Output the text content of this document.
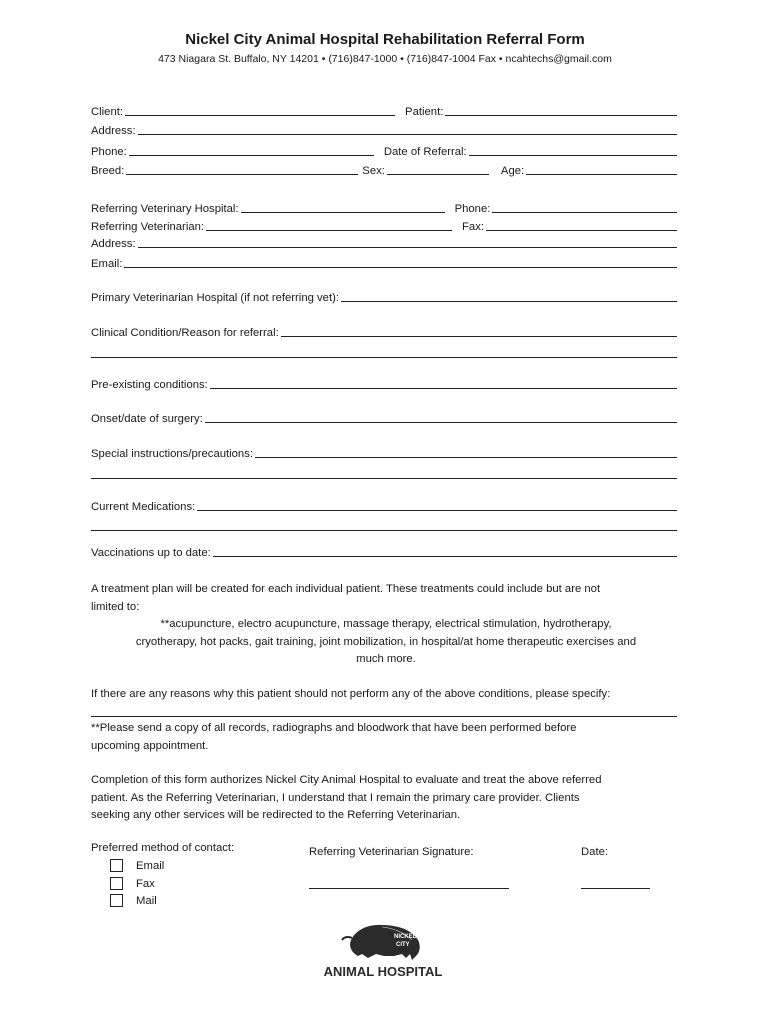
Nickel City Animal Hospital Rehabilitation Referral Form
473 Niagara St. Buffalo, NY 14201 • (716)847-1000 • (716)847-1004 Fax • ncahtechs@gmail.com
Client:	Patient:
Address:
Phone:	Date of Referral:
Breed:	Sex:	Age:
Referring Veterinary Hospital:	Phone:
Referring Veterinarian:	Fax:
Address:
Email:
Primary Veterinarian Hospital (if not referring vet):
Clinical Condition/Reason for referral:
Pre-existing conditions:
Onset/date of surgery:
Special instructions/precautions:
Current Medications:
Vaccinations up to date:
A treatment plan will be created for each individual patient. These treatments could include but are not
limited to:
**acupuncture, electro acupuncture, massage therapy, electrical stimulation, hydrotherapy,
cryotherapy, hot packs, gait training, joint mobilization, in hospital/at home therapeutic exercises and
much more.
If there are any reasons why this patient should not perform any of the above conditions, please specify:
**Please send a copy of all records, radiographs and bloodwork that have been performed before
upcoming appointment.
Completion of this form authorizes Nickel City Animal Hospital to evaluate and treat the above referred
patient. As the Referring Veterinarian, I understand that I remain the primary care provider. Clients
seeking any other services will be redirected to the Referring Veterinarian.
Preferred method of contact:
Email
Fax
Mail
Referring Veterinarian Signature:	Date:
NICKEL
CITY
ANIMAL HOSPITAL
